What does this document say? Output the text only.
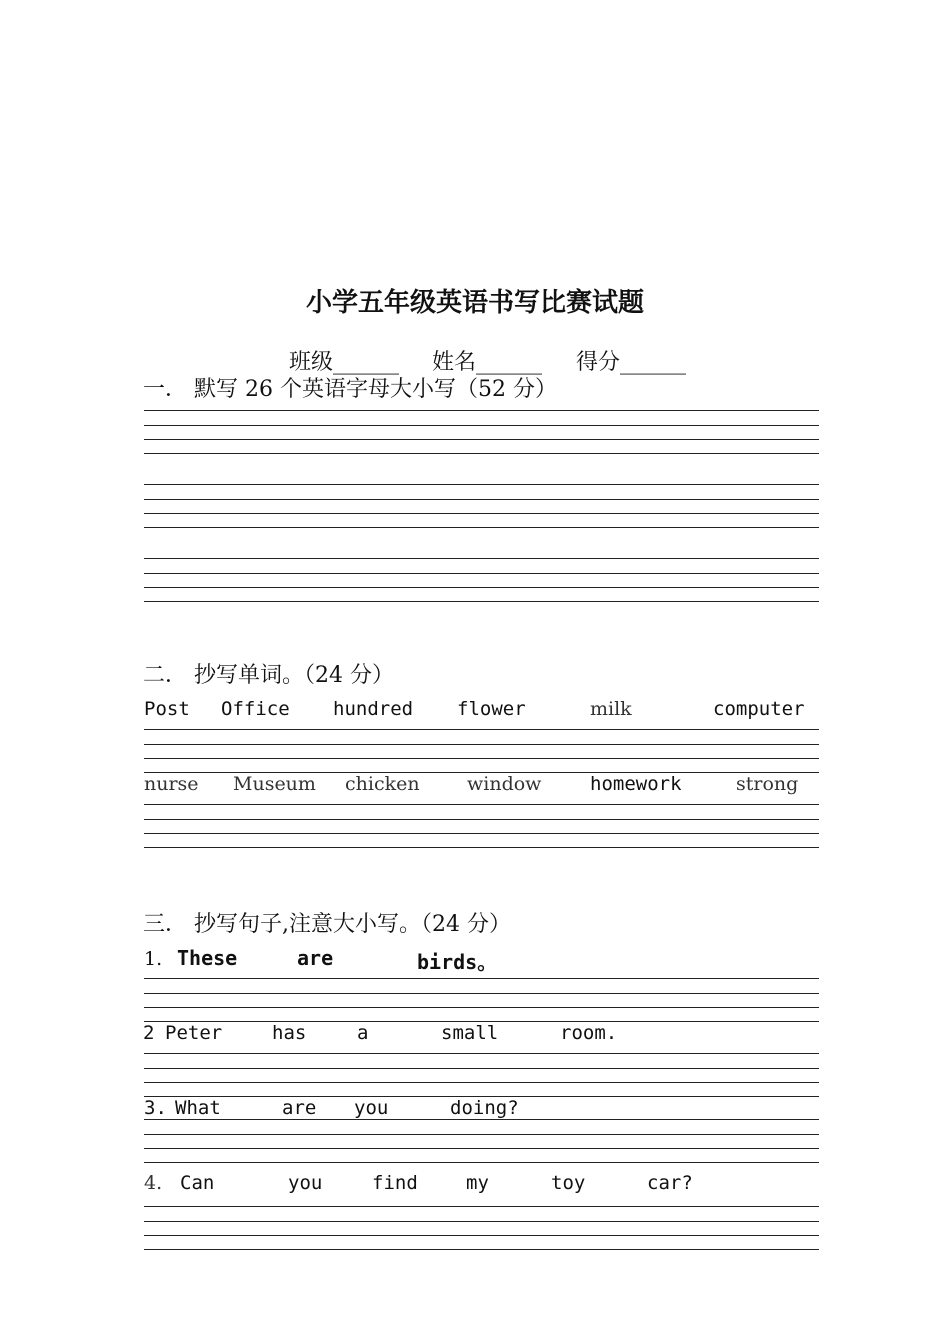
小学五年级英语书写比赛试题
班级______ 姓名______ 得分______
一． 默写 26 个英语字母大小写（52 分）
二． 抄写单词。（24 分）
Post Office hundred flower	milk	computer
nurse Museum chicken window	homework	strong
三． 抄写句子,注意大小写。（24 分）
1. These	are	birds。
2 Peter	has	a	small	room.
3. What	are you	doing?
4. Can	you	find	my	toy	car?
